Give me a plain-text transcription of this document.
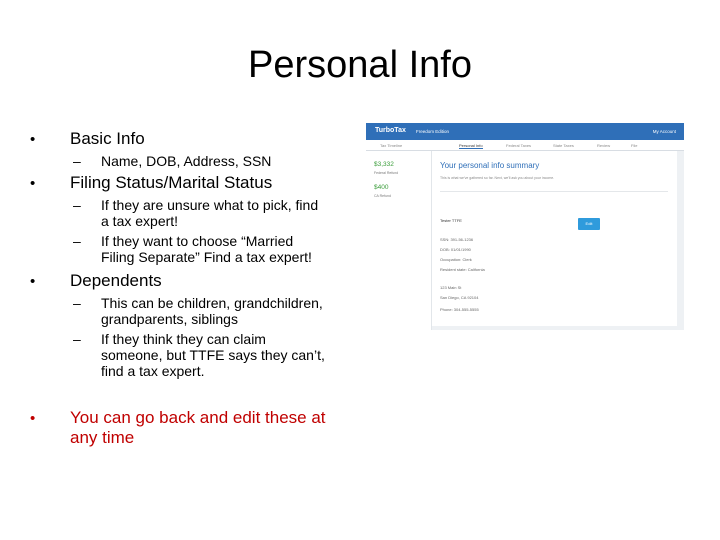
Personal Info
• Basic Info
– Name, DOB, Address, SSN
• Filing Status/Marital Status
– If they are unsure what to pick, find
a tax expert!
– If they want to choose “Married
Filing Separate” Find a tax expert!
• Dependents
– This can be children, grandchildren,
grandparents, siblings
– If they think they can claim
someone, but TTFE says they can’t,
find a tax expert.
• You can go back and edit these at
any time
TurboTax Freedom Edition	My Account
Tax Timeline	Personal Info	Federal Taxes	State Taxes	Review	File
$3,332
Federal Refund
$400
CA Refund
Your personal info summary
This is what we've gathered so far. Next, we'll ask you about your income.
Tester TTFE
Edit
SSN: 391-56-1236
DOB: 01/01/1990
Occupation: Clerk
Resident state: California
123 Main St
San Diego, CA 92104
Phone: 304-555-5555
